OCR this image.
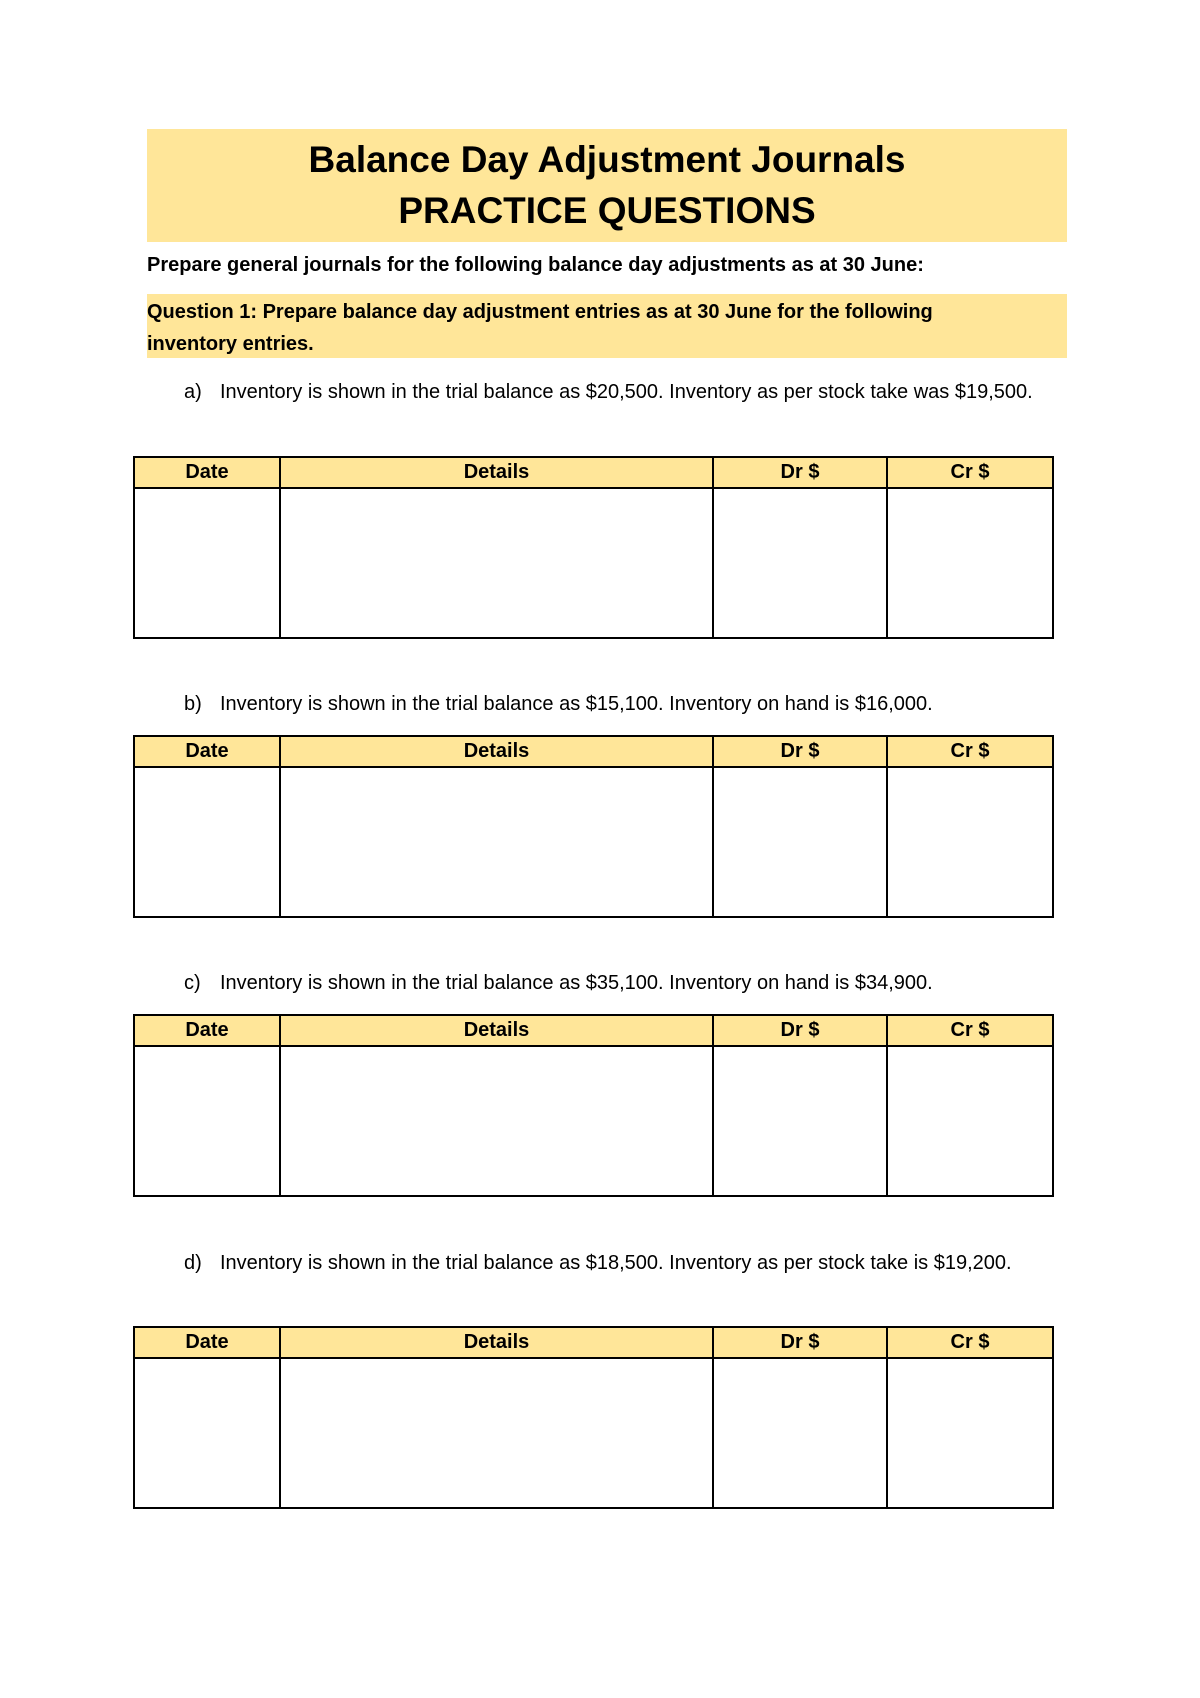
Balance Day Adjustment Journals
PRACTICE QUESTIONS
Prepare general journals for the following balance day adjustments as at 30 June:
Question 1: Prepare balance day adjustment entries as at 30 June for the following inventory entries.
a) Inventory is shown in the trial balance as $20,500. Inventory as per stock take was $19,500.
Date	Details	Dr $	Cr $
b) Inventory is shown in the trial balance as $15,100. Inventory on hand is $16,000.
Date	Details	Dr $	Cr $
c) Inventory is shown in the trial balance as $35,100. Inventory on hand is $34,900.
Date	Details	Dr $	Cr $
d) Inventory is shown in the trial balance as $18,500. Inventory as per stock take is $19,200.
Date	Details	Dr $	Cr $
